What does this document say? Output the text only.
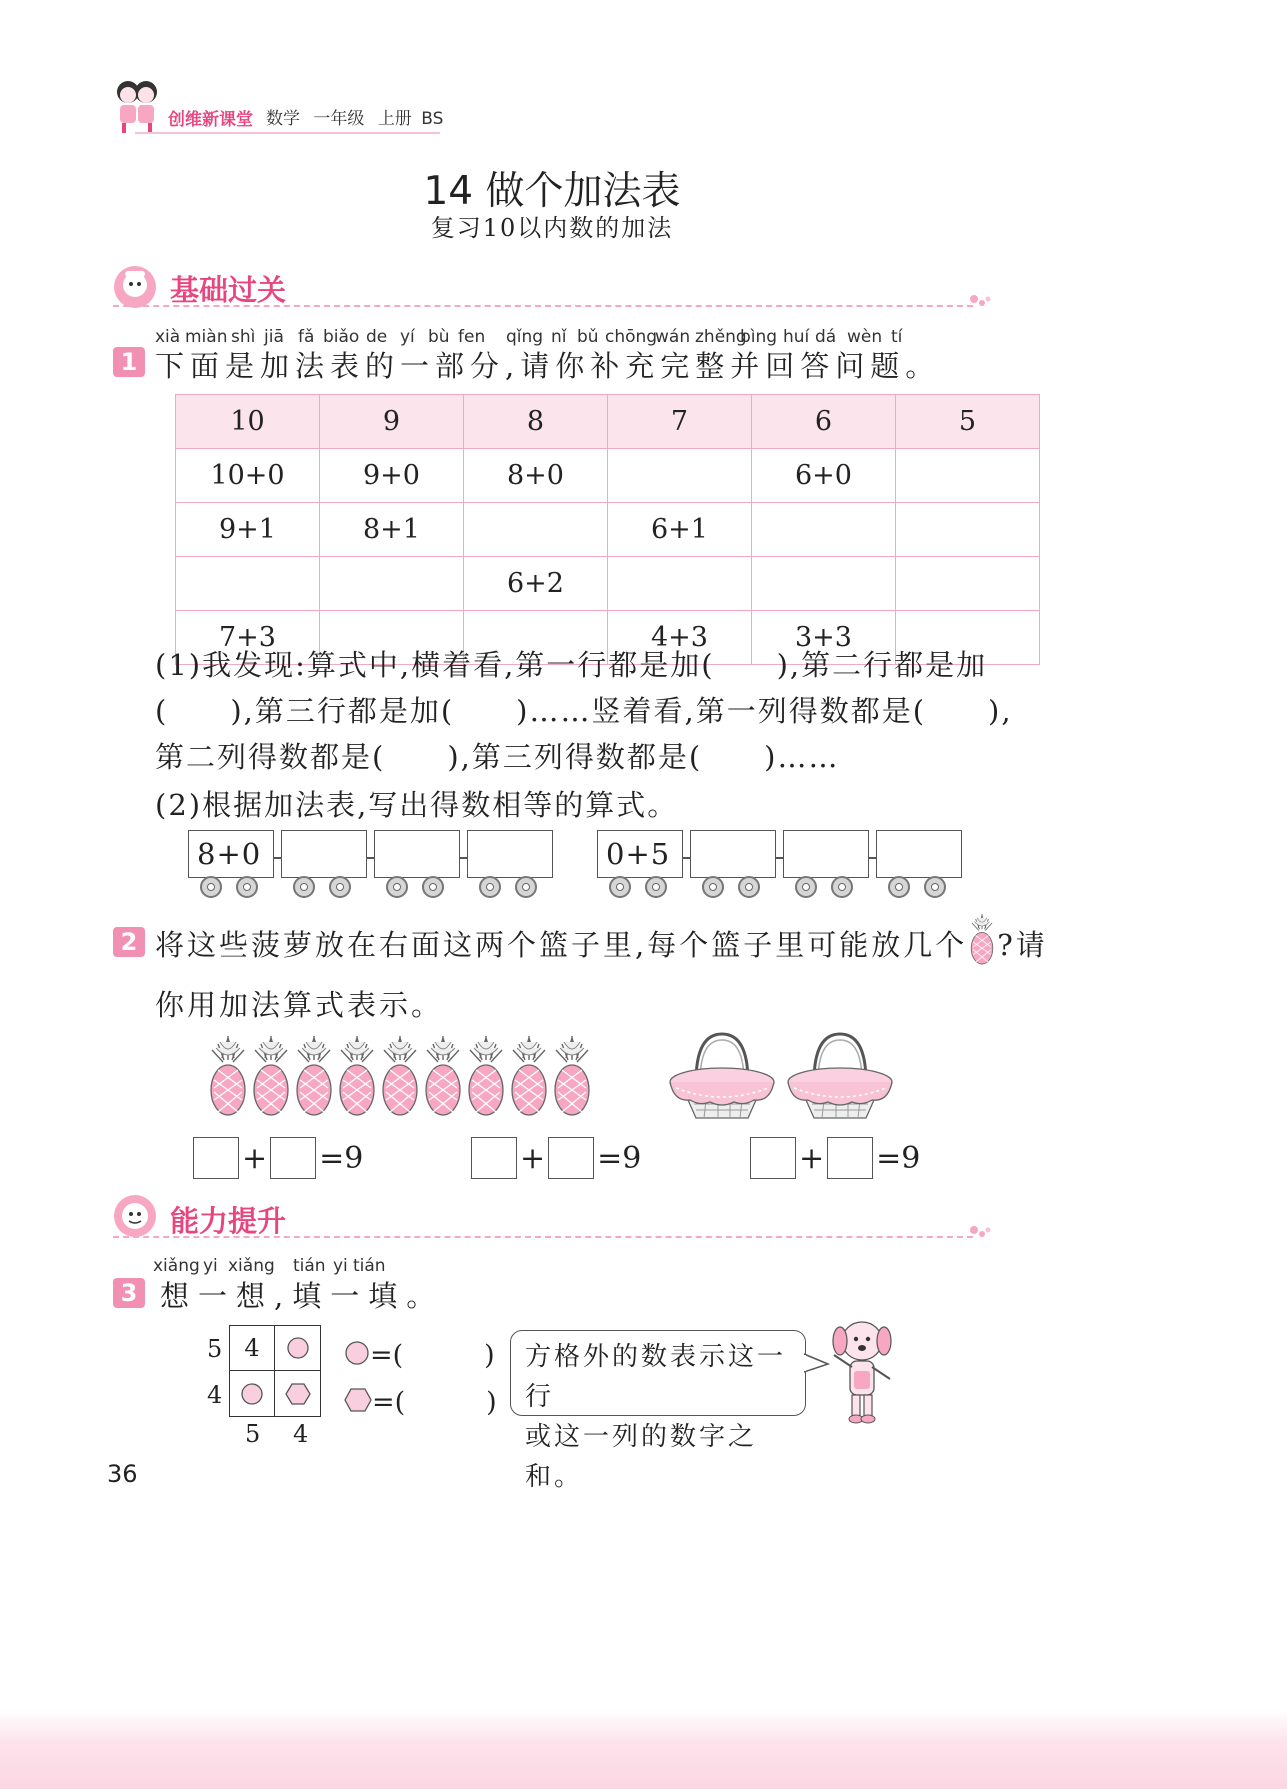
创维新课堂 数学 一年级 上册 BS
14 做个加法表
复习10以内数的加法
基础过关
xià miàn shì jiā fǎ biǎo de yí bù fen qǐng nǐ bǔ chōng
wán zhěng
bìng huí dá wèn tí
1 下面是加法表的一部分,请你补充完整并回答问题。
10	9	8	7	6	5
10+0	9+0	8+0		6+0	
9+1	8+1		6+1		
		6+2			
7+3			4+3	3+3	
(1)我发现:算式中,横着看,第一行都是加(　　),第二行都是加
(　　),第三行都是加(　　)……竖着看,第一列得数都是(　　),
第二列得数都是(　　),第三列得数都是(　　)……
(2)根据加法表,写出得数相等的算式。
8+0	0+5
2 将这些菠萝放在右面这两个篮子里,每个篮子里可能放几个 ?请
你用加法算式表示。
+ =9	+ =9	+ =9
能力提升
xiǎng yi xiǎng tián yi tián
3 想一想,填一填。
4
5
4
5 4
=(　　　)
=(　　　)
方格外的数表示这一行
或这一列的数字之和。
36
